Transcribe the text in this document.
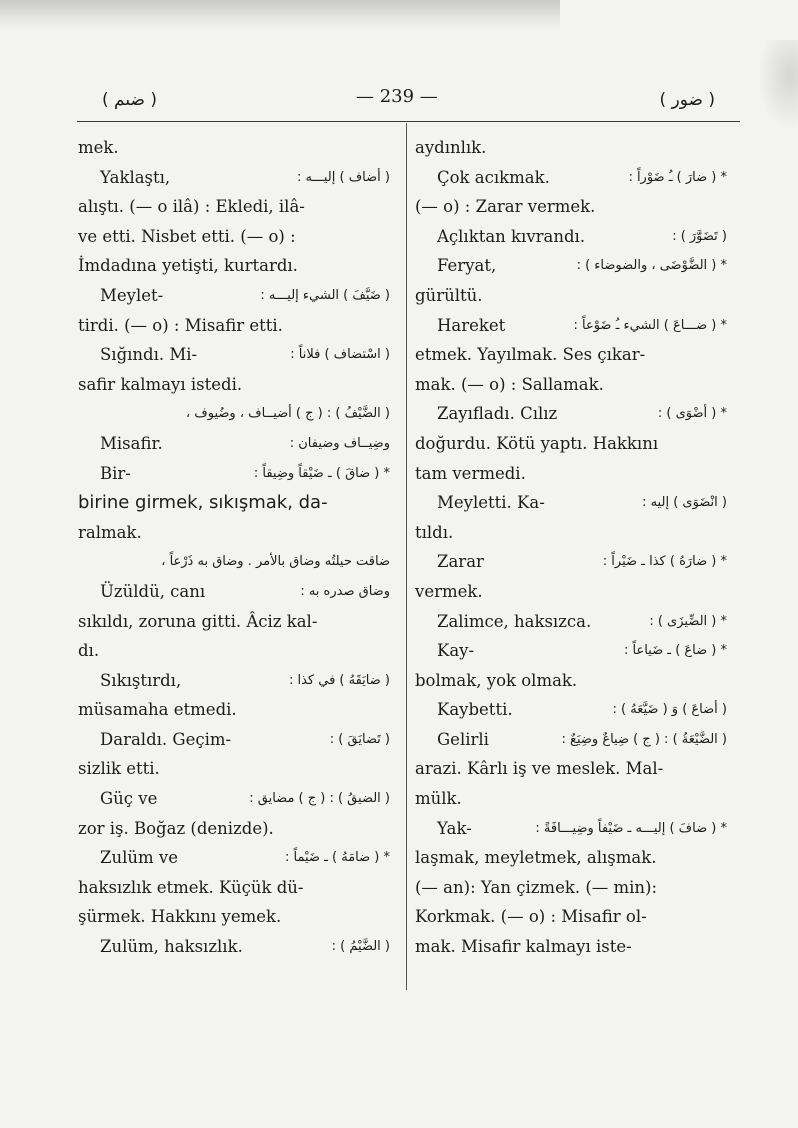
( ضىم )	— 239 —	( ضور )
mek.
Yaklaştı,	( أضاف ) إليـــه :
alıştı. (— o ilâ) : Ekledi, ilâ-
ve etti. Nisbet etti. (— o) :
İmdadına yetişti, kurtardı.
Meylet-	( ضَيَّفَ ) الشيء إليـــه :
tirdi. (— o) : Misafir etti.
Sığındı. Mi-	( اسْتضاف ) فلاناً :
safir kalmayı istedi.
( الضَّيْفُ ) : ( ج ) أضيــاف ، وضُيوف ،
Misafir.	وضِيــاف وضيفان :
Bir-	* ( ضاقَ ) ـ ضَيْقاً وضِيقاً :
birine girmek, sıkışmak, da-
ralmak.
ضاقت حيلتُه وضاق بالأمر . وضاق به ذَرْعاً ،
Üzüldü, canı	وضاق صدره به :
sıkıldı, zoruna gitti. Âciz kal-
dı.
Sıkıştırdı,	( ضايَقَهُ ) في كذا :
müsamaha etmedi.
Daraldı. Geçim-	( تَضايَقَ ) :
sizlik etti.
Güç ve	( الضيقُ ) : ( ج ) مضايق :
zor iş. Boğaz (denizde).
Zulüm ve	* ( ضامَهُ ) ـ ضَيْماً :
haksızlık etmek. Küçük dü-
şürmek. Hakkını yemek.
Zulüm, haksızlık.	( الضَّيْمُ ) :
aydınlık.
Çok acıkmak.	* ( ضارَ ) ـُ ضَوْراً :
(— o) : Zarar vermek.
Açlıktan kıvrandı.	( تَضَوَّرَ ) :
Feryat,	* ( الضَّوْضَى ، والضوضاء ) :
gürültü.
Hareket	* ( ضـــاعَ ) الشيء ـُ ضَوْعاً :
etmek. Yayılmak. Ses çıkar-
mak. (— o) : Sallamak.
Zayıfladı. Cılız	* ( أضْوَى ) :
doğurdu. Kötü yaptı. Hakkını
tam vermedi.
Meyletti. Ka-	( انْضَوَى ) إليه :
tıldı.
Zarar	* ( ضارَهُ ) كذا ـ ضَيْراً :
vermek.
Zalimce, haksızca.	* ( الضِّيزَى ) :
Kay-	* ( ضاعَ ) ـ ضَياعاً :
bolmak, yok olmak.
Kaybetti.	( أضاعَ ) وَ ( ضَيَّعَهُ ) :
Gelirli	( الضَّيْعَةُ ) : ( ج ) ضِياعٌ وضِيَعٌ :
arazi. Kârlı iş ve meslek. Mal-
mülk.
Yak-	* ( ضافَ ) إليـــه ـ ضَيْفاً وضِيـــافَةً :
laşmak, meyletmek, alışmak.
(— an): Yan çizmek. (— min):
Korkmak. (— o) : Misafir ol-
mak. Misafir kalmayı iste-
